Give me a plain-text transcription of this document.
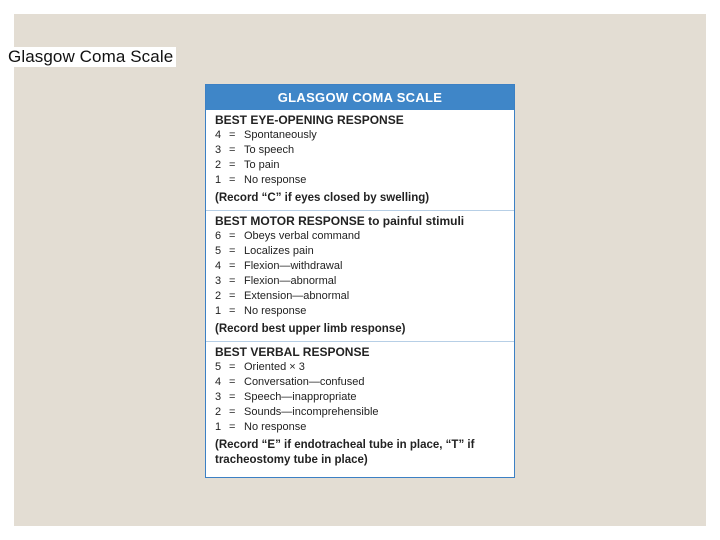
Glasgow Coma Scale
GLASGOW COMA SCALE
BEST EYE-OPENING RESPONSE
4 = Spontaneously
3 = To speech
2 = To pain
1 = No response
(Record “C” if eyes closed by swelling)
BEST MOTOR RESPONSE to painful stimuli
6 = Obeys verbal command
5 = Localizes pain
4 = Flexion—withdrawal
3 = Flexion—abnormal
2 = Extension—abnormal
1 = No response
(Record best upper limb response)
BEST VERBAL RESPONSE
5 = Oriented × 3
4 = Conversation—confused
3 = Speech—inappropriate
2 = Sounds—incomprehensible
1 = No response
(Record “E” if endotracheal tube in place, “T” if tracheostomy tube in place)
